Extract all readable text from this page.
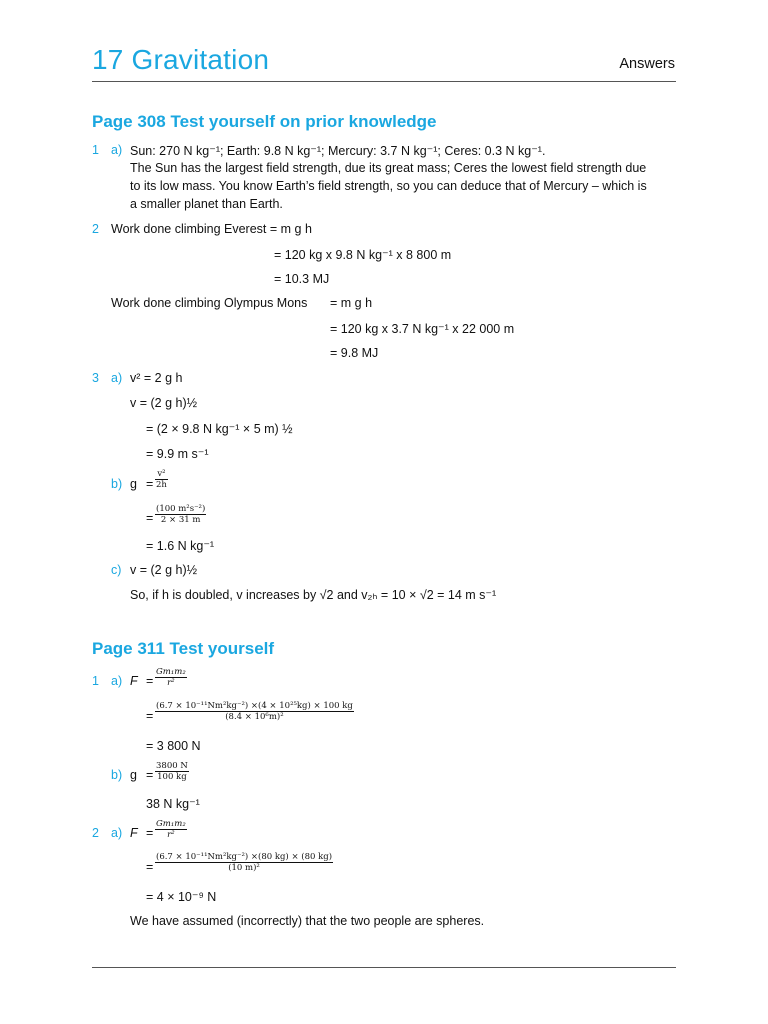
17 Gravitation	Answers
Page 308 Test yourself on prior knowledge
1 a) Sun: 270 N kg⁻¹; Earth: 9.8 N kg⁻¹; Mercury: 3.7 N kg⁻¹; Ceres: 0.3 N kg⁻¹.
The Sun has the largest field strength, due its great mass; Ceres the lowest field strength due
to its low mass. You know Earth’s field strength, so you can deduce that of Mercury – which is
a smaller planet than Earth.
2 Work done climbing Everest = m g h
= 120 kg x 9.8 N kg⁻¹ x 8 800 m
= 10.3 MJ
Work done climbing Olympus Mons = m g h
= 120 kg x 3.7 N kg⁻¹ x 22 000 m
= 9.8 MJ
3 a) v² = 2 g h
v = (2 g h)½
= (2 × 9.8 N kg⁻¹ × 5 m) ½
= 9.9 m s⁻¹
b) g =
v²
2h
=
(100 m²s⁻²)
2 × 31 m
= 1.6 N kg⁻¹
c) v = (2 g h)½
So, if h is doubled, v increases by √2 and v₂ₕ = 10 × √2 = 14 m s⁻¹
Page 311 Test yourself
1 a) F =
Gm₁m₂
r²
=
(6.7 × 10⁻¹¹Nm²kg⁻²) ×(4 × 10²⁵kg) × 100 kg
(8.4 × 10⁶m)²
= 3 800 N
b) g =
3800 N
100 kg
38 N kg⁻¹
2 a) F =
Gm₁m₂
r²
=
(6.7 × 10⁻¹¹Nm²kg⁻²) ×(80 kg) × (80 kg)
(10 m)²
= 4 × 10⁻⁹ N
We have assumed (incorrectly) that the two people are spheres.
